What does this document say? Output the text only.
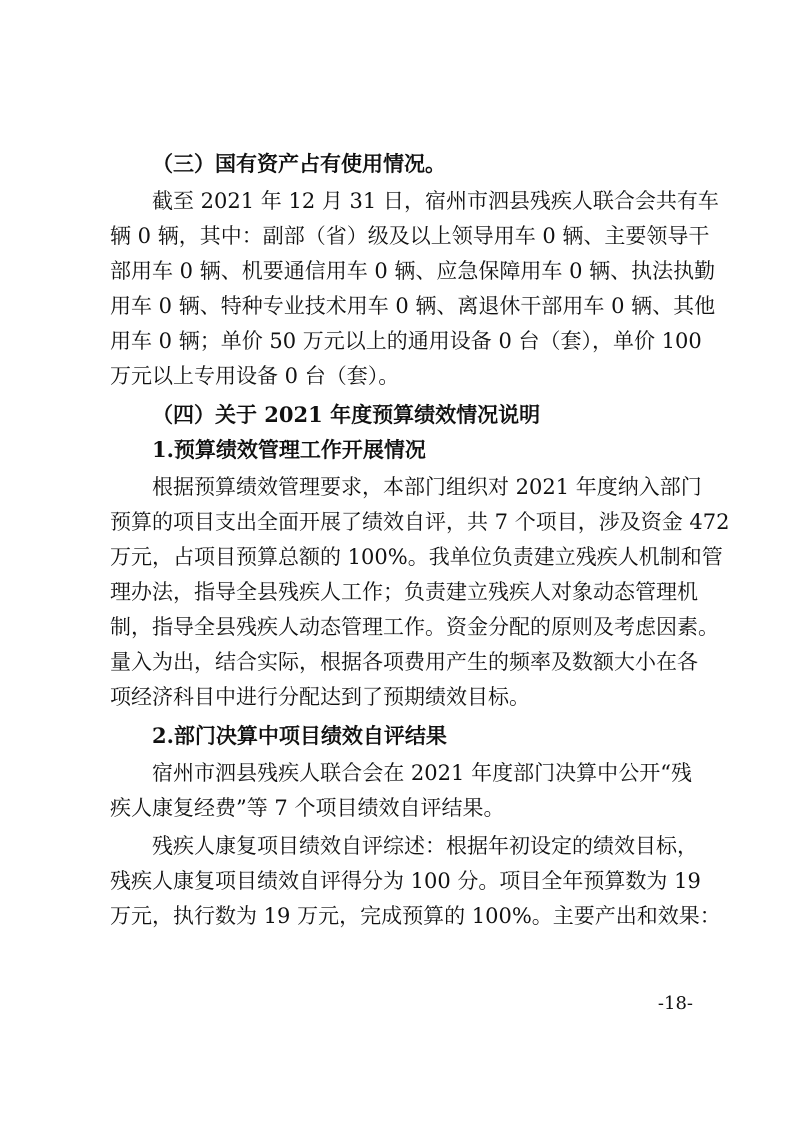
（三）国有资产占有使用情况。
截至 2021 年 12 月 31 日，宿州市泗县残疾人联合会共有车
辆 0 辆，其中：副部（省）级及以上领导用车 0 辆、主要领导干
部用车 0 辆、机要通信用车 0 辆、应急保障用车 0 辆、执法执勤
用车 0 辆、特种专业技术用车 0 辆、离退休干部用车 0 辆、其他
用车 0 辆；单价 50 万元以上的通用设备 0 台（套），单价 100
万元以上专用设备 0 台（套）。
（四）关于 2021 年度预算绩效情况说明
1.预算绩效管理工作开展情况
根据预算绩效管理要求，本部门组织对 2021 年度纳入部门
预算的项目支出全面开展了绩效自评，共 7 个项目，涉及资金 472
万元，占项目预算总额的 100%。我单位负责建立残疾人机制和管
理办法，指导全县残疾人工作；负责建立残疾人对象动态管理机
制，指导全县残疾人动态管理工作。资金分配的原则及考虑因素。
量入为出，结合实际，根据各项费用产生的频率及数额大小在各
项经济科目中进行分配达到了预期绩效目标。
2.部门决算中项目绩效自评结果
宿州市泗县残疾人联合会在 2021 年度部门决算中公开“残
疾人康复经费”等 7 个项目绩效自评结果。
残疾人康复项目绩效自评综述：根据年初设定的绩效目标，
残疾人康复项目绩效自评得分为 100 分。项目全年预算数为 19
万元，执行数为 19 万元，完成预算的 100%。主要产出和效果：
-18-
